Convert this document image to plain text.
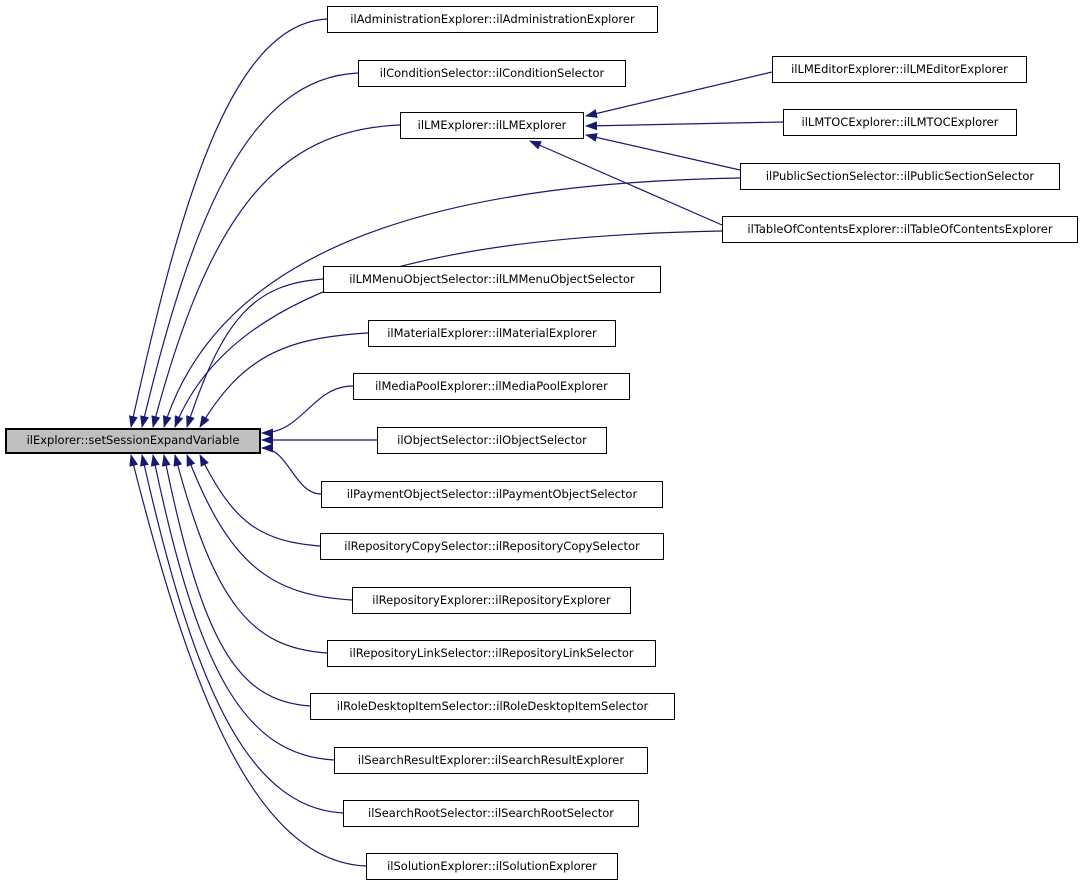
ilExplorer::setSessionExpandVariable
ilAdministrationExplorer::ilAdministrationExplorer
ilConditionSelector::ilConditionSelector
ilLMExplorer::ilLMExplorer
ilLMEditorExplorer::ilLMEditorExplorer
ilLMTOCExplorer::ilLMTOCExplorer
ilPublicSectionSelector::ilPublicSectionSelector
ilTableOfContentsExplorer::ilTableOfContentsExplorer
ilLMMenuObjectSelector::ilLMMenuObjectSelector
ilMaterialExplorer::ilMaterialExplorer
ilMediaPoolExplorer::ilMediaPoolExplorer
ilObjectSelector::ilObjectSelector
ilPaymentObjectSelector::ilPaymentObjectSelector
ilRepositoryCopySelector::ilRepositoryCopySelector
ilRepositoryExplorer::ilRepositoryExplorer
ilRepositoryLinkSelector::ilRepositoryLinkSelector
ilRoleDesktopItemSelector::ilRoleDesktopItemSelector
ilSearchResultExplorer::ilSearchResultExplorer
ilSearchRootSelector::ilSearchRootSelector
ilSolutionExplorer::ilSolutionExplorer
